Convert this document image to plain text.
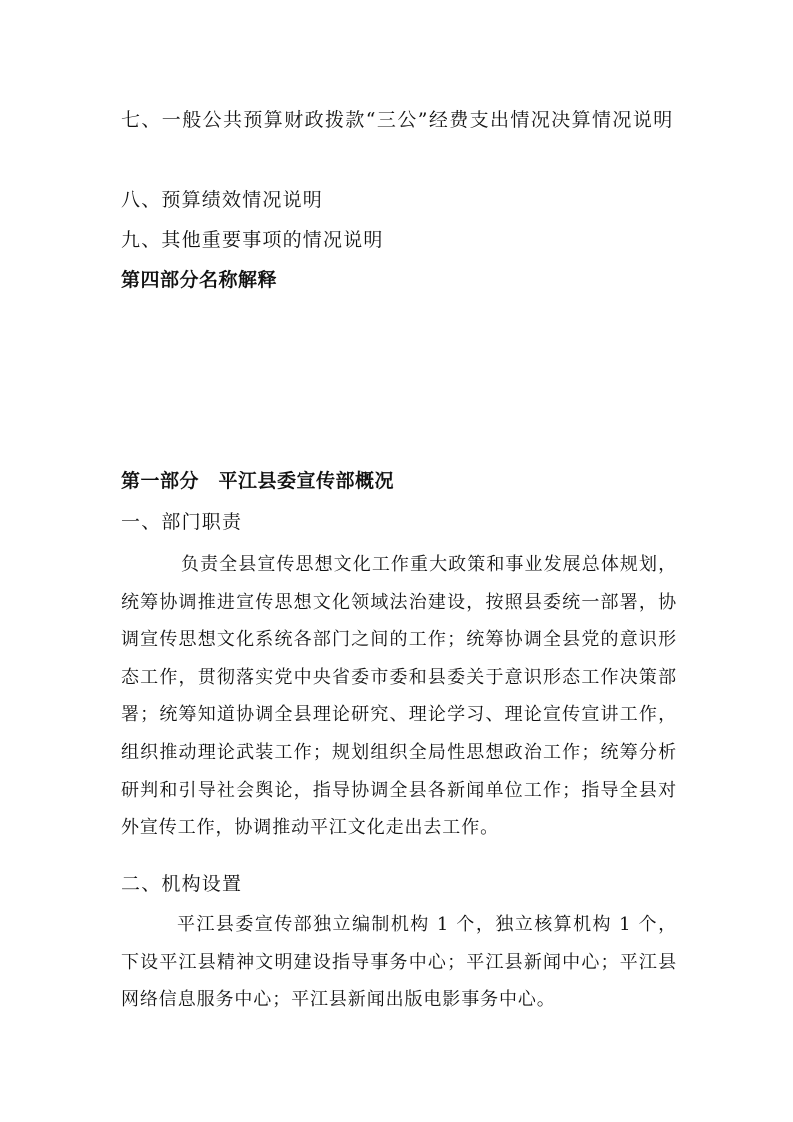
七、一般公共预算财政拨款“三公”经费支出情况决算情况说明
八、预算绩效情况说明
九、其他重要事项的情况说明
第四部分名称解释
第一部分　平江县委宣传部概况
一、部门职责
负责全县宣传思想文化工作重大政策和事业发展总体规划，统筹协调推进宣传思想文化领域法治建设，按照县委统一部署，协调宣传思想文化系统各部门之间的工作；统筹协调全县党的意识形态工作，贯彻落实党中央省委市委和县委关于意识形态工作决策部署；统筹知道协调全县理论研究、理论学习、理论宣传宣讲工作，组织推动理论武装工作；规划组织全局性思想政治工作；统筹分析研判和引导社会舆论，指导协调全县各新闻单位工作；指导全县对外宣传工作，协调推动平江文化走出去工作。
二、机构设置
平江县委宣传部独立编制机构 1 个，独立核算机构 1 个，下设平江县精神文明建设指导事务中心；平江县新闻中心；平江县网络信息服务中心；平江县新闻出版电影事务中心。
